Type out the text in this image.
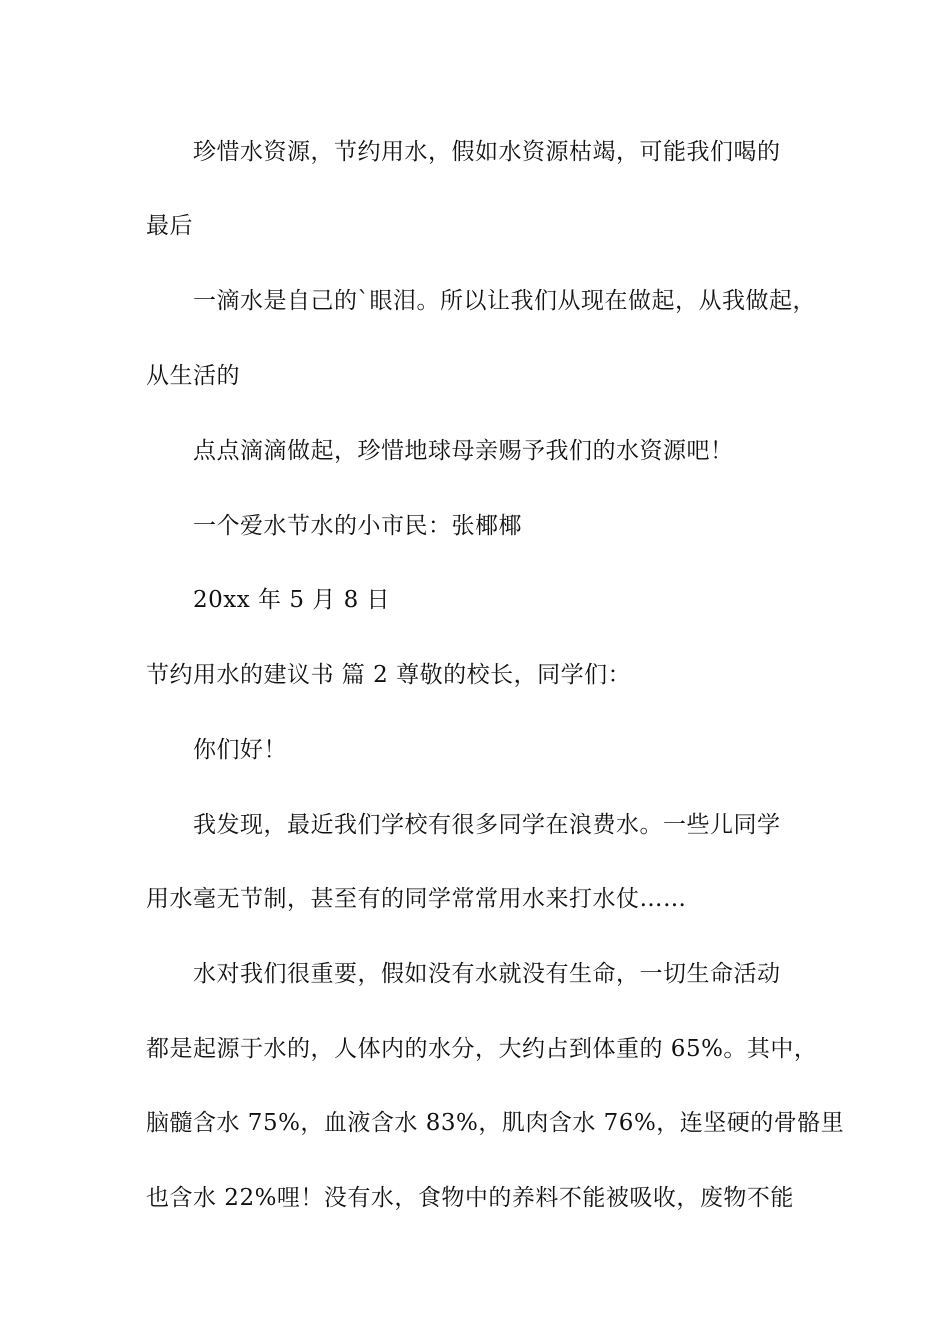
珍惜水资源，节约用水，假如水资源枯竭，可能我们喝的
最后
一滴水是自己的`眼泪。所以让我们从现在做起，从我做起，
从生活的
点点滴滴做起，珍惜地球母亲赐予我们的水资源吧！
一个爱水节水的小市民：张椰椰
20xx 年 5 月 8 日
节约用水的建议书 篇 2 尊敬的校长，同学们：
你们好！
我发现，最近我们学校有很多同学在浪费水。一些儿同学
用水毫无节制，甚至有的同学常常用水来打水仗……
水对我们很重要，假如没有水就没有生命，一切生命活动
都是起源于水的，人体内的水分，大约占到体重的 65%。其中，
脑髓含水 75%，血液含水 83%，肌肉含水 76%，连坚硬的骨骼里
也含水 22%哩！没有水，食物中的养料不能被吸收，废物不能
